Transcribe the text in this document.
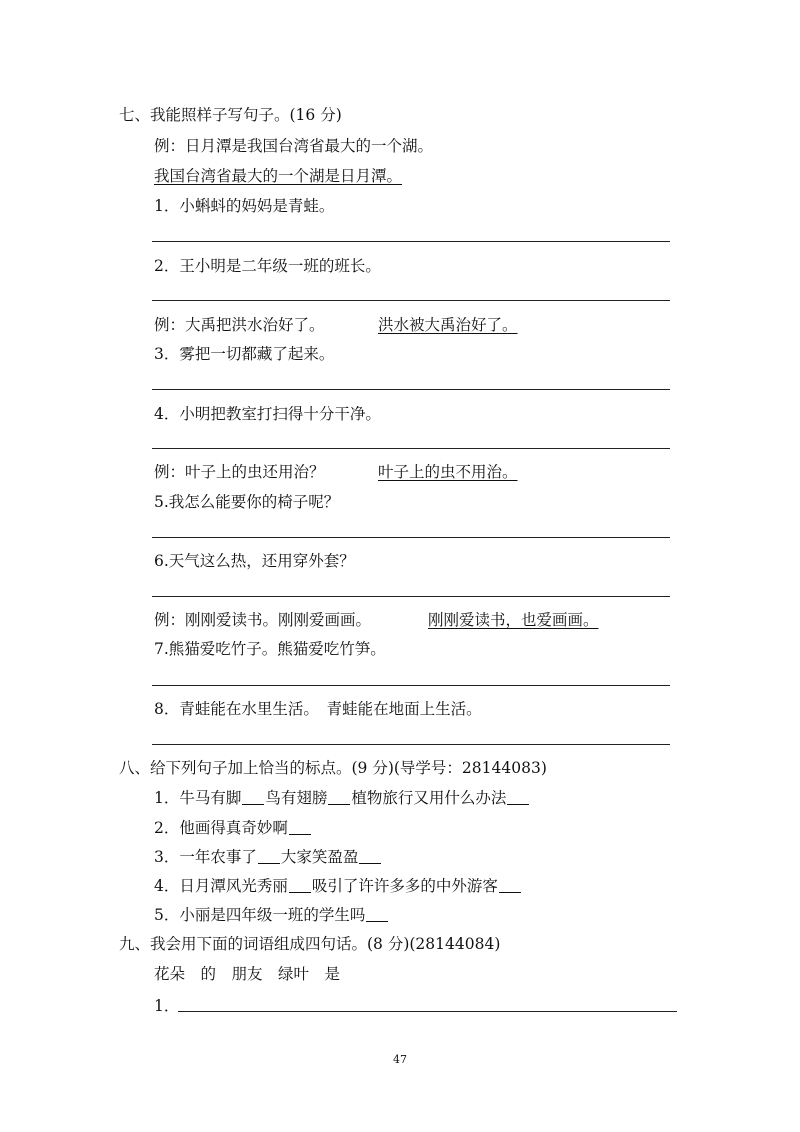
七、我能照样子写句子。(16 分)
例：日月潭是我国台湾省最大的一个湖。
我国台湾省最大的一个湖是日月潭。
1．小蝌蚪的妈妈是青蛙。
2．王小明是二年级一班的班长。
例：大禹把洪水治好了。	洪水被大禹治好了。
3．雾把一切都藏了起来。
4．小明把教室打扫得十分干净。
例：叶子上的虫还用治？	叶子上的虫不用治。
5.我怎么能要你的椅子呢？
6.天气这么热，还用穿外套？
例：刚刚爱读书。刚刚爱画画。	刚刚爱读书，也爱画画。
7.熊猫爱吃竹子。熊猫爱吃竹笋。
8．青蛙能在水里生活。　青蛙能在地面上生活。
八、给下列句子加上恰当的标点。(9 分)(导学号：28144083)
1．牛马有脚 鸟有翅膀 植物旅行又用什么办法
2．他画得真奇妙啊
3．一年农事了 大家笑盈盈
4．日月潭风光秀丽 吸引了许许多多的中外游客
5．小丽是四年级一班的学生吗
九、我会用下面的词语组成四句话。(8 分)(28144084)
花朵　的　朋友　绿叶　是
1．
47
